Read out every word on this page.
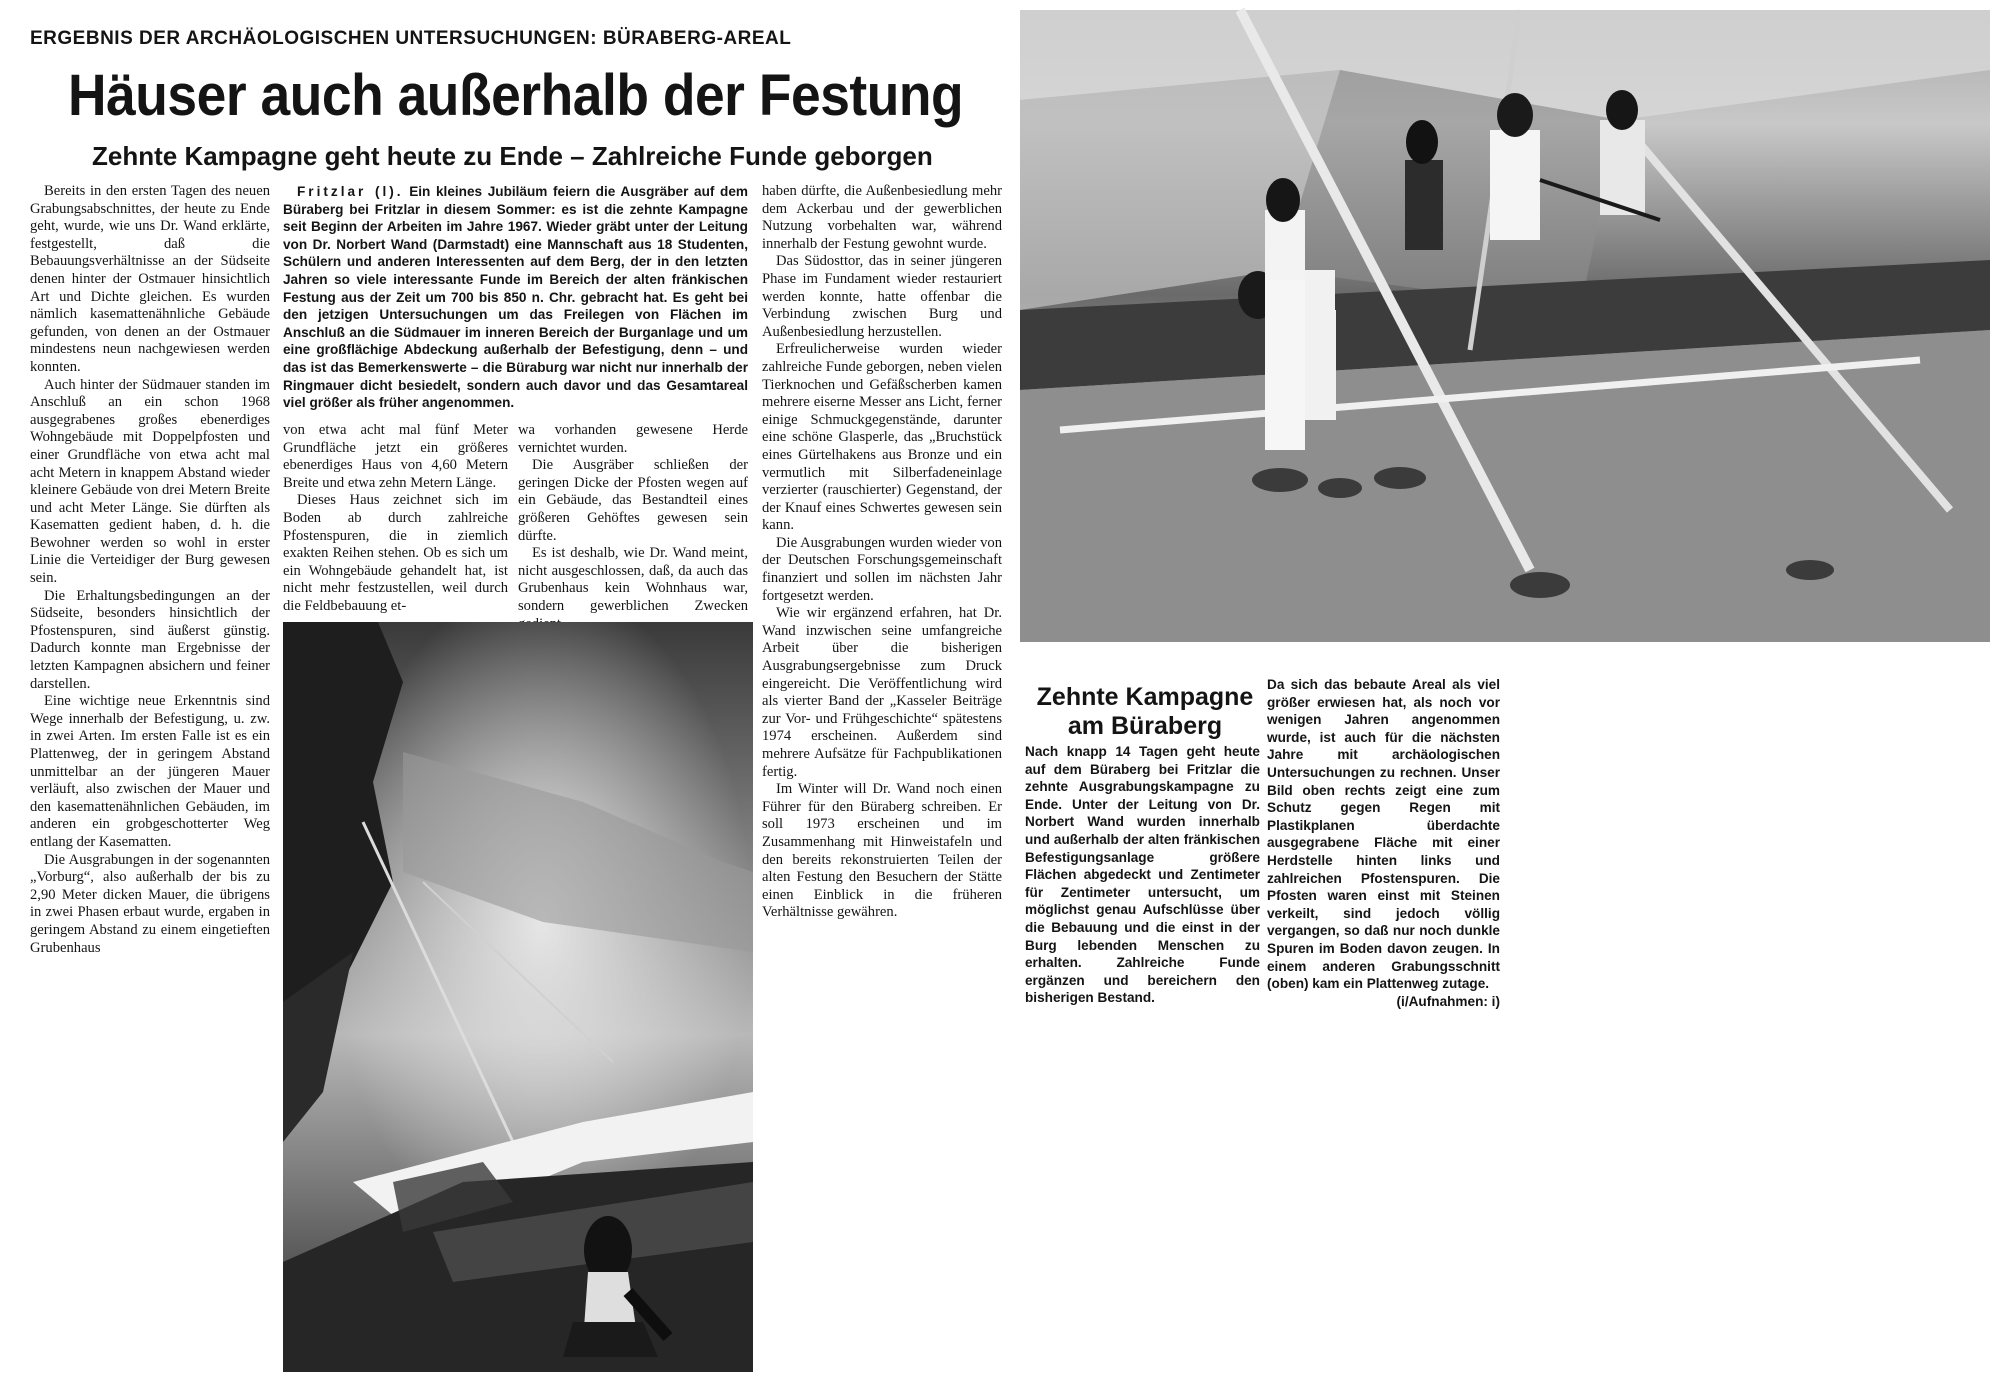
ERGEBNIS DER ARCHÄOLOGISCHEN UNTERSUCHUNGEN: BÜRABERG-AREAL
Häuser auch außerhalb der Festung
Zehnte Kampagne geht heute zu Ende – Zahlreiche Funde geborgen

Bereits in den ersten Tagen des neuen Grabungsabschnittes, der heute zu Ende geht, wurde, wie uns Dr. Wand erklärte, festgestellt, daß die Bebauungsverhältnisse an der Südseite denen hinter der Ostmauer hinsichtlich Art und Dichte gleichen. Es wurden nämlich kasemattenähnliche Gebäude gefunden, von denen an der Ostmauer mindestens neun nachgewiesen werden konnten.

Auch hinter der Südmauer standen im Anschluß an ein schon 1968 ausgegrabenes großes ebenerdiges Wohngebäude mit Doppelpfosten und einer Grundfläche von etwa acht mal acht Metern in knappem Abstand wieder kleinere Gebäude von drei Metern Breite und acht Meter Länge. Sie dürften als Kasematten gedient haben, d. h. die Bewohner werden so wohl in erster Linie die Verteidiger der Burg gewesen sein.

Die Erhaltungsbedingungen an der Südseite, besonders hinsichtlich der Pfostenspuren, sind äußerst günstig. Dadurch konnte man Ergebnisse der letzten Kampagnen absichern und feiner darstellen.

Eine wichtige neue Erkenntnis sind Wege innerhalb der Befestigung, u. zw. in zwei Arten. Im ersten Falle ist es ein Plattenweg, der in geringem Abstand unmittelbar an der jüngeren Mauer verläuft, also zwischen der Mauer und den kasemattenähnlichen Gebäuden, im anderen ein grobgeschotterter Weg entlang der Kasematten.

Die Ausgrabungen in der sogenannten „Vorburg“, also außerhalb der bis zu 2,90 Meter dicken Mauer, die übrigens in zwei Phasen erbaut wurde, ergaben in geringem Abstand zu einem eingetieften Grubenhaus

Fritzlar (l). Ein kleines Jubiläum feiern die Ausgräber auf dem Büraberg bei Fritzlar in diesem Sommer: es ist die zehnte Kampagne seit Beginn der Arbeiten im Jahre 1967. Wieder gräbt unter der Leitung von Dr. Norbert Wand (Darmstadt) eine Mannschaft aus 18 Studenten, Schülern und anderen Interessenten auf dem Berg, der in den letzten Jahren so viele interessante Funde im Bereich der alten fränkischen Festung aus der Zeit um 700 bis 850 n. Chr. gebracht hat. Es geht bei den jetzigen Untersuchungen um das Freilegen von Flächen im Anschluß an die Südmauer im inneren Bereich der Burganlage und um eine großflächige Abdeckung außerhalb der Befestigung, denn – und das ist das Bemerkenswerte – die Büraburg war nicht nur innerhalb der Ringmauer dicht besiedelt, sondern auch davor und das Gesamtareal viel größer als früher angenommen.

von etwa acht mal fünf Meter Grundfläche jetzt ein größeres ebenerdiges Haus von 4,60 Metern Breite und etwa zehn Metern Länge.

Dieses Haus zeichnet sich im Boden ab durch zahlreiche Pfostenspuren, die in ziemlich exakten Reihen stehen. Ob es sich um ein Wohngebäude gehandelt hat, ist nicht mehr festzustellen, weil durch die Feldbebauung et-

wa vorhanden gewesene Herde vernichtet wurden.

Die Ausgräber schließen der geringen Dicke der Pfosten wegen auf ein Gebäude, das Bestandteil eines größeren Gehöftes gewesen sein dürfte.

Es ist deshalb, wie Dr. Wand meint, nicht ausgeschlossen, daß, da auch das Grubenhaus kein Wohnhaus war, sondern gewerblichen Zwecken

haben dürfte, die Außenbesiedlung mehr dem Ackerbau und der gewerblichen Nutzung vorbehalten war, während innerhalb der Festung gewohnt wurde.

Das Südosttor, das in seiner jüngeren Phase im Fundament wieder restauriert werden konnte, hatte offenbar die Verbindung zwischen Burg und Außenbesiedlung herzustellen.

Erfreulicherweise wurden wieder zahlreiche Funde geborgen, neben vielen Tierknochen und Gefäßscherben kamen mehrere eiserne Messer ans Licht, ferner einige Schmuckgegenstände, darunter eine schöne Glasperle, das „Bruchstück eines Gürtelhakens aus Bronze und ein vermutlich mit Silberfadeneinlage verzierter (rauschierter) Gegenstand, der der Knauf eines Schwertes gewesen sein kann.

Die Ausgrabungen wurden wieder von der Deutschen Forschungsgemeinschaft finanziert und sollen im nächsten Jahr fortgesetzt werden.

Wie wir ergänzend erfahren, hat Dr. Wand inzwischen seine umfangreiche Arbeit über die bisherigen Ausgrabungsergebnisse zum Druck eingereicht. Die Veröffentlichung wird als vierter Band der „Kasseler Beiträge zur Vor- und Frühgeschichte“ spätestens 1974 erscheinen. Außerdem sind mehrere Aufsätze für Fachpublikationen fertig.

Im Winter will Dr. Wand noch einen Führer für den Büraberg schreiben. Er soll 1973 erscheinen und im Zusammenhang mit Hinweistafeln und den bereits rekonstruierten Teilen der alten Festung den Besuchern der Stätte einen Einblick in die früheren Verhältnisse gewähren.

Zehnte Kampagne
am Büraberg

Nach knapp 14 Tagen geht heute auf dem Büraberg bei Fritzlar die zehnte Ausgrabungskampagne zu Ende. Unter der Leitung von Dr. Norbert Wand wurden innerhalb und außerhalb der alten fränkischen Befestigungsanlage größere Flächen abgedeckt und Zentimeter für Zentimeter untersucht, um möglichst genau Aufschlüsse über die Bebauung und die einst in der Burg lebenden Menschen zu erhalten. Zahlreiche Funde ergänzen und bereichern den bisherigen Bestand.

Da sich das bebaute Areal als viel größer erwiesen hat, als noch vor wenigen Jahren angenommen wurde, ist auch für die nächsten Jahre mit archäologischen Untersuchungen zu rechnen. Unser Bild oben rechts zeigt eine zum Schutz gegen Regen mit Plastikplanen überdachte ausgegrabene Fläche mit einer Herdstelle hinten links und zahlreichen Pfostenspuren. Die Pfosten waren einst mit Steinen verkeilt, sind jedoch völlig vergangen, so daß nur noch dunkle Spuren im Boden davon zeugen. In einem anderen Grabungsschnitt (oben) kam ein Plattenweg zutage.
(i/Aufnahmen: i)
